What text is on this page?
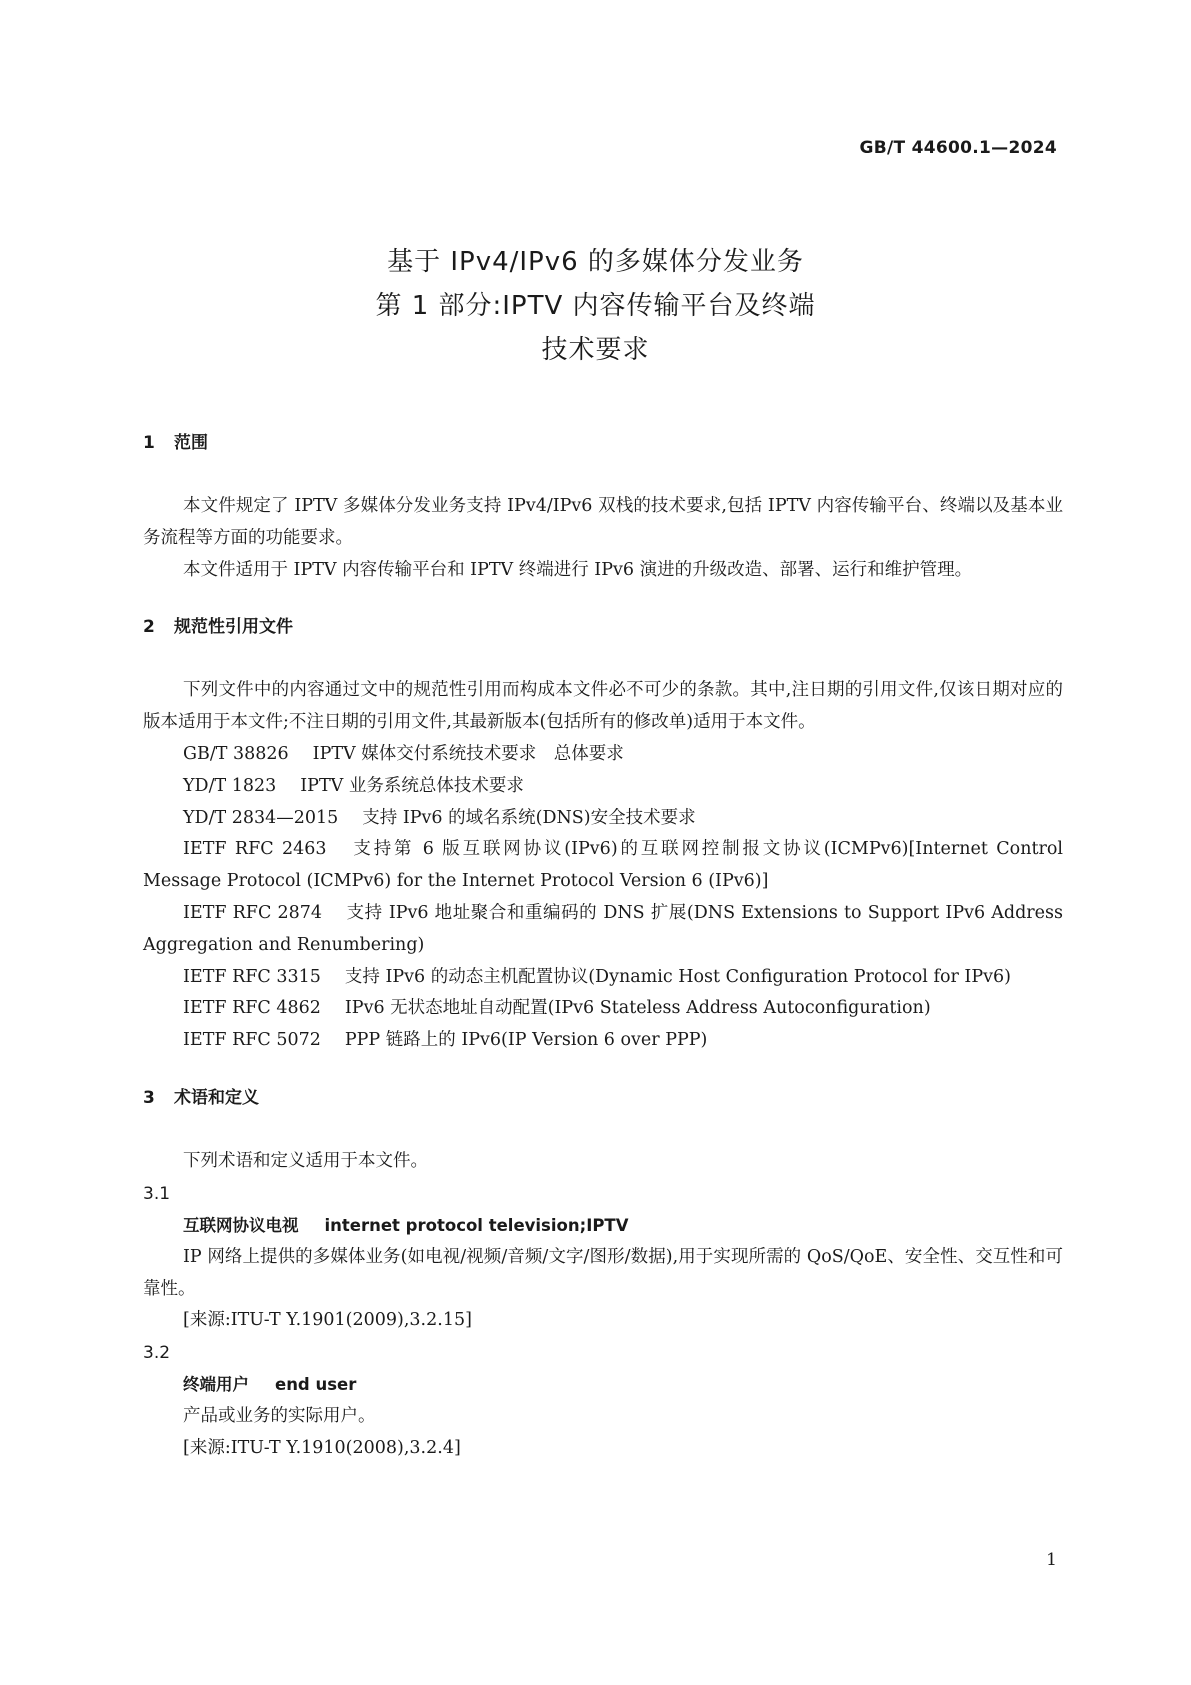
GB/T 44600.1—2024
基于 IPv4/IPv6 的多媒体分发业务
第 1 部分:IPTV 内容传输平台及终端
技术要求
1 范围

本文件规定了 IPTV 多媒体分发业务支持 IPv4/IPv6 双栈的技术要求,包括 IPTV 内容传输平台、终端以及基本业务流程等方面的功能要求。

本文件适用于 IPTV 内容传输平台和 IPTV 终端进行 IPv6 演进的升级改造、部署、运行和维护管理。

2 规范性引用文件

下列文件中的内容通过文中的规范性引用而构成本文件必不可少的条款。其中,注日期的引用文件,仅该日期对应的版本适用于本文件;不注日期的引用文件,其最新版本(包括所有的修改单)适用于本文件。

GB/T 38826 IPTV 媒体交付系统技术要求　总体要求

YD/T 1823 IPTV 业务系统总体技术要求

YD/T 2834—2015 支持 IPv6 的域名系统(DNS)安全技术要求

IETF RFC 2463 支持第 6 版互联网协议(IPv6)的互联网控制报文协议(ICMPv6)[Internet Control Message Protocol (ICMPv6) for the Internet Protocol Version 6 (IPv6)]

IETF RFC 2874 支持 IPv6 地址聚合和重编码的 DNS 扩展(DNS Extensions to Support IPv6 Address Aggregation and Renumbering)

IETF RFC 3315 支持 IPv6 的动态主机配置协议(Dynamic Host Configuration Protocol for IPv6)

IETF RFC 4862 IPv6 无状态地址自动配置(IPv6 Stateless Address Autoconfiguration)

IETF RFC 5072 PPP 链路上的 IPv6(IP Version 6 over PPP)

3 术语和定义

下列术语和定义适用于本文件。

3.1

互联网协议电视 internet protocol television;IPTV

IP 网络上提供的多媒体业务(如电视/视频/音频/文字/图形/数据),用于实现所需的 QoS/QoE、安全性、交互性和可靠性。

[来源:ITU-T Y.1901(2009),3.2.15]

3.2

终端用户 end user

产品或业务的实际用户。

[来源:ITU-T Y.1910(2008),3.2.4]

1
